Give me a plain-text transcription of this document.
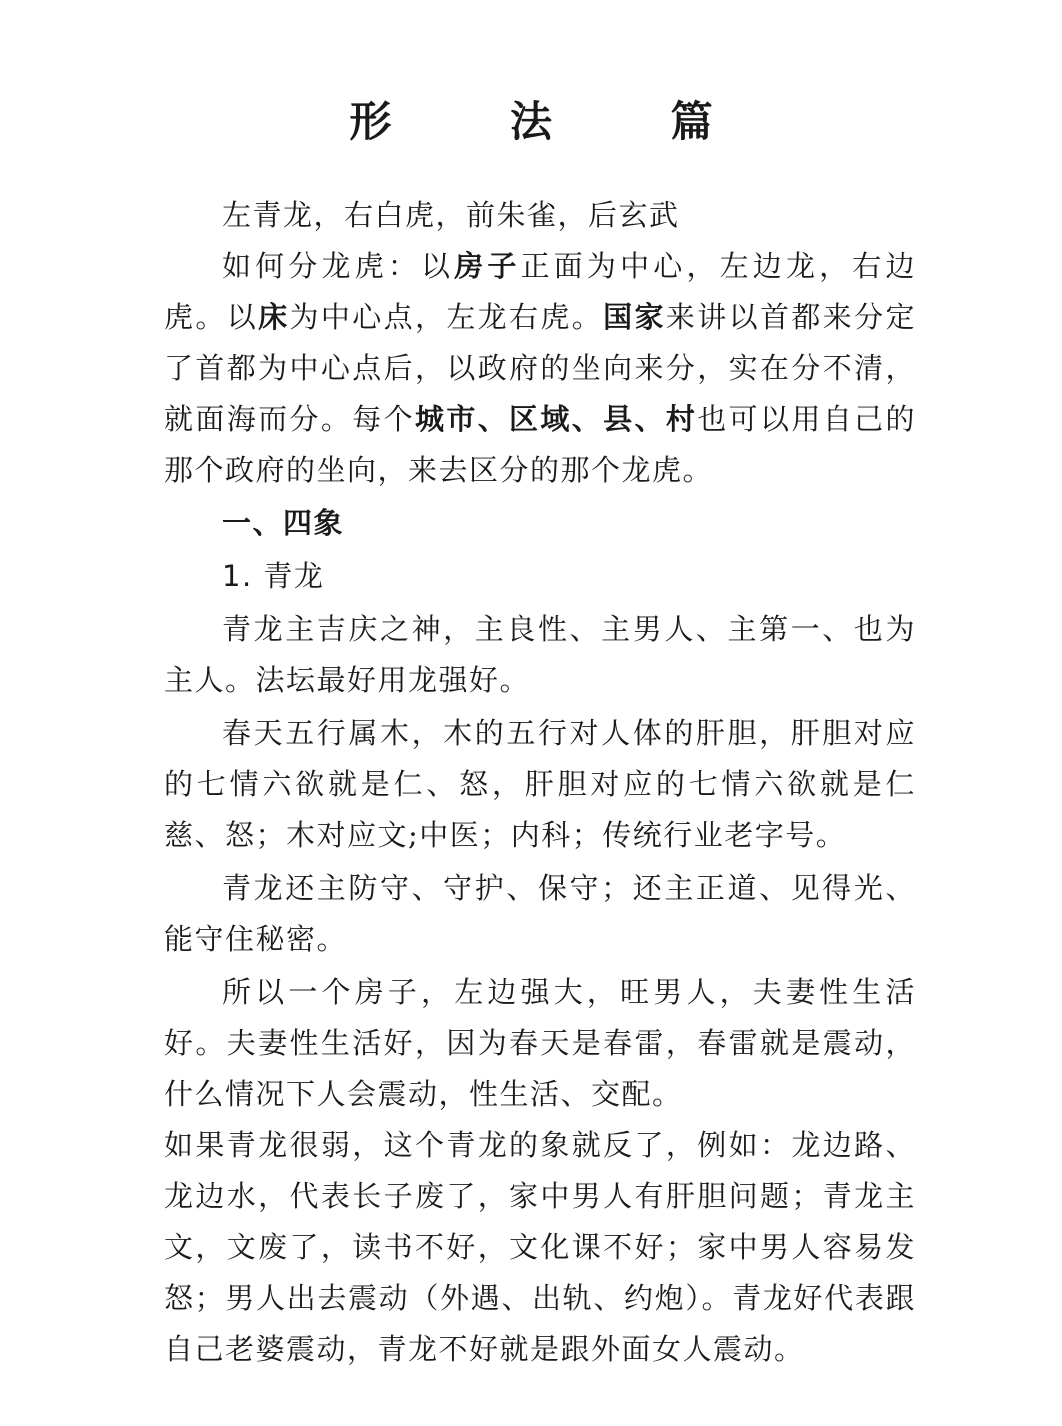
形 法 篇

左青龙，右白虎，前朱雀，后玄武

如何分龙虎：以房子正面为中心，左边龙，右边虎。以床为中心点，左龙右虎。国家来讲以首都来分定了首都为中心点后，以政府的坐向来分，实在分不清，就面海而分。每个城市、区域、县、村也可以用自己的那个政府的坐向，来去区分的那个龙虎。

一、四象

1. 青龙

青龙主吉庆之神，主良性、主男人、主第一、也为主人。法坛最好用龙强好。

春天五行属木，木的五行对人体的肝胆，肝胆对应的七情六欲就是仁、怒，肝胆对应的七情六欲就是仁慈、怒；木对应文;中医；内科；传统行业老字号。

青龙还主防守、守护、保守；还主正道、见得光、能守住秘密。

所以一个房子，左边强大，旺男人，夫妻性生活好。夫妻性生活好，因为春天是春雷，春雷就是震动，什么情况下人会震动，性生活、交配。

如果青龙很弱，这个青龙的象就反了，例如：龙边路、龙边水，代表长子废了，家中男人有肝胆问题；青龙主文，文废了，读书不好，文化课不好；家中男人容易发怒；男人出去震动（外遇、出轨、约炮）。青龙好代表跟自己老婆震动，青龙不好就是跟外面女人震动。
